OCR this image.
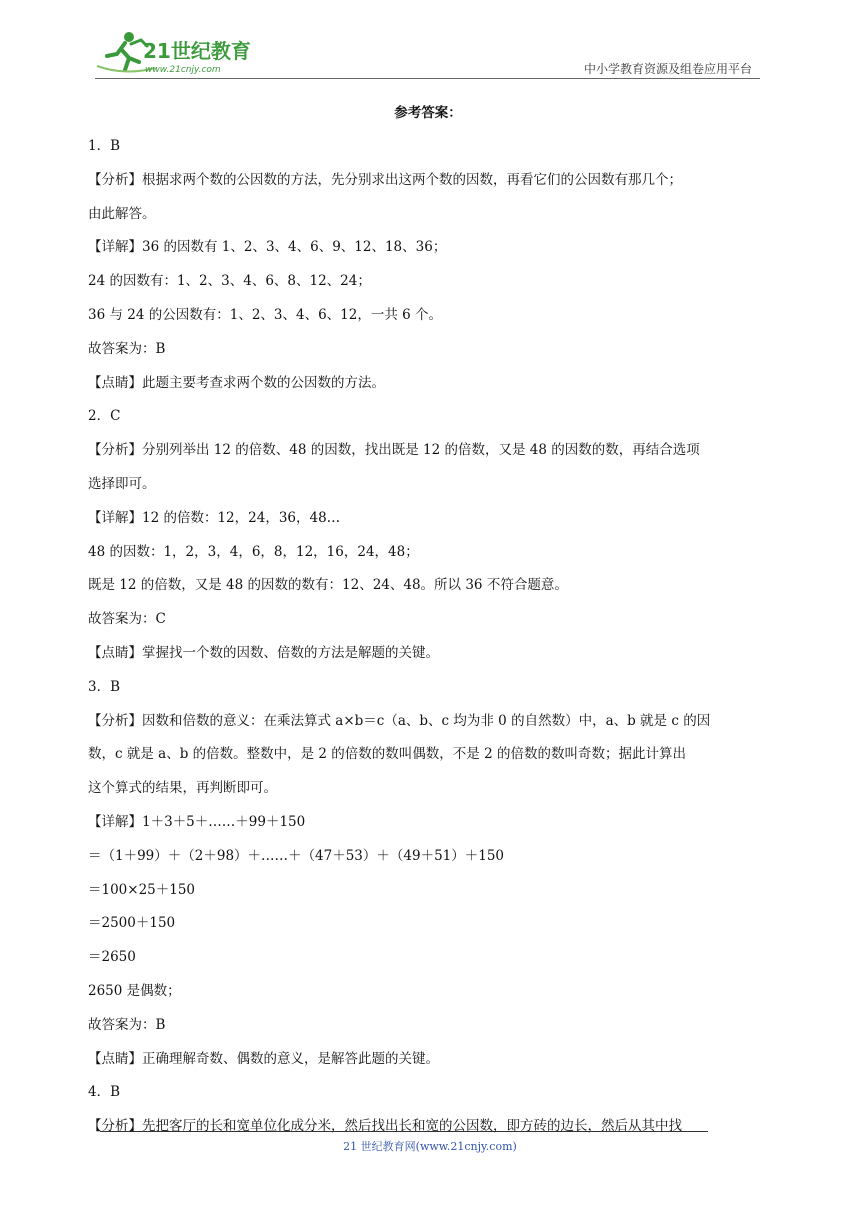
21世纪教育
www.21cnjy.com	中小学教育资源及组卷应用平台
参考答案：
1．B
【分析】根据求两个数的公因数的方法，先分别求出这两个数的因数，再看它们的公因数有那几个；
由此解答。
【详解】36 的因数有 1、2、3、4、6、9、12、18、36；
24 的因数有：1、2、3、4、6、8、12、24；
36 与 24 的公因数有：1、2、3、4、6、12，一共 6 个。
故答案为：B
【点睛】此题主要考查求两个数的公因数的方法。
2．C
【分析】分别列举出 12 的倍数、48 的因数，找出既是 12 的倍数，又是 48 的因数的数，再结合选项
选择即可。
【详解】12 的倍数：12，24，36，48…
48 的因数：1，2，3，4，6，8，12，16，24，48；
既是 12 的倍数，又是 48 的因数的数有：12、24、48。所以 36 不符合题意。
故答案为：C
【点睛】掌握找一个数的因数、倍数的方法是解题的关键。
3．B
【分析】因数和倍数的意义：在乘法算式 a×b＝c（a、b、c 均为非 0 的自然数）中，a、b 就是 c 的因
数，c 就是 a、b 的倍数。整数中，是 2 的倍数的数叫偶数，不是 2 的倍数的数叫奇数；据此计算出
这个算式的结果，再判断即可。
【详解】1＋3＋5＋……＋99＋150
＝（1＋99）＋（2＋98）＋……＋（47＋53）＋（49＋51）＋150
＝100×25＋150
＝2500＋150
＝2650
2650 是偶数；
故答案为：B
【点睛】正确理解奇数、偶数的意义，是解答此题的关键。
4．B
【分析】先把客厅的长和宽单位化成分米，然后找出长和宽的公因数，即方砖的边长，然后从其中找
21 世纪教育网(www.21cnjy.com)
